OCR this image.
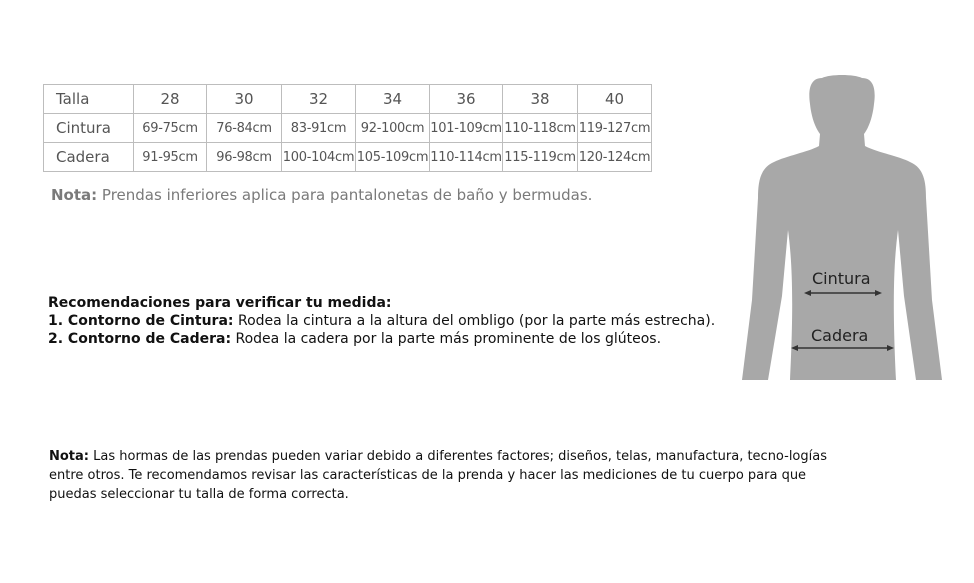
Talla	28	30	32	34	36	38	40
Cintura	69-75cm	76-84cm	83-91cm	92-100cm	101-109cm	110-118cm	119-127cm
Cadera	91-95cm	96-98cm	100-104cm	105-109cm	110-114cm	115-119cm	120-124cm
Nota: Prendas inferiores aplica para pantalonetas de baño y bermudas.
Recomendaciones para verificar tu medida:
1. Contorno de Cintura: Rodea la cintura a la altura del ombligo (por la parte más estrecha).
2. Contorno de Cadera: Rodea la cadera por la parte más prominente de los glúteos.
Nota: Las hormas de las prendas pueden variar debido a diferentes factores; diseños, telas, manufactura, tecno-logías entre otros. Te recomendamos revisar las características de la prenda y hacer las mediciones de tu cuerpo para que puedas seleccionar tu talla de forma correcta.
Cintura
Cadera
